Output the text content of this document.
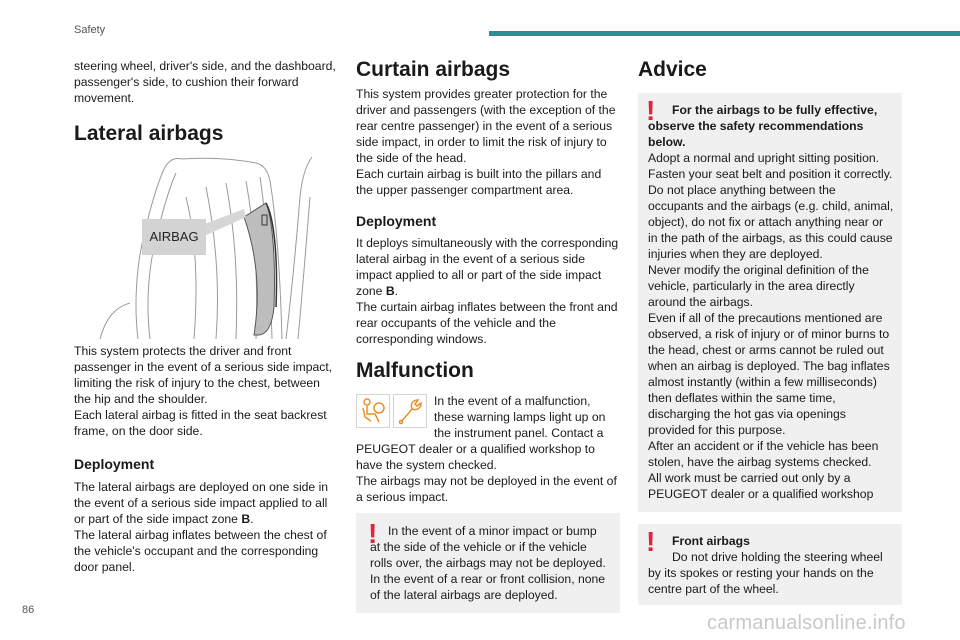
Safety

steering wheel, driver's side, and the dashboard, passenger's side, to cushion their forward movement.

Lateral airbags
AIRBAG

This system protects the driver and front passenger in the event of a serious side impact, limiting the risk of injury to the chest, between the hip and the shoulder.

Each lateral airbag is fitted in the seat backrest frame, on the door side.

Deployment

The lateral airbags are deployed on one side in the event of a serious side impact applied to all or part of the side impact zone B.

The lateral airbag inflates between the chest of the vehicle's occupant and the corresponding door panel.

Curtain airbags

This system provides greater protection for the driver and passengers (with the exception of the rear centre passenger) in the event of a serious side impact, in order to limit the risk of injury to the side of the head.

Each curtain airbag is built into the pillars and the upper passenger compartment area.

Deployment

It deploys simultaneously with the corresponding lateral airbag in the event of a serious side impact applied to all or part of the side impact zone B.

The curtain airbag inflates between the front and rear occupants of the vehicle and the corresponding windows.

Malfunction

In the event of a malfunction, these warning lamps light up on the instrument panel. Contact a PEUGEOT dealer or a qualified workshop to have the system checked.

The airbags may not be deployed in the event of a serious impact.

! In the event of a minor impact or bump at the side of the vehicle or if the vehicle rolls over, the airbags may not be deployed.

In the event of a rear or front collision, none of the lateral airbags are deployed.

Advice
!	For the airbags to be fully effective, observe the safety recommendations below.

Adopt a normal and upright sitting position.

Fasten your seat belt and position it correctly.

Do not place anything between the occupants and the airbags (e.g. child, animal, object), do not fix or attach anything near or in the path of the airbags, as this could cause injuries when they are deployed.

Never modify the original definition of the vehicle, particularly in the area directly around the airbags.

Even if all of the precautions mentioned are observed, a risk of injury or of minor burns to the head, chest or arms cannot be ruled out when an airbag is deployed. The bag inflates almost instantly (within a few milliseconds) then deflates within the same time, discharging the hot gas via openings provided for this purpose.

After an accident or if the vehicle has been stolen, have the airbag systems checked.

All work must be carried out only by a PEUGEOT dealer or a qualified workshop

!	Front airbags

Do not drive holding the steering wheel by its spokes or resting your hands on the centre part of the wheel.

86
carmanualsonline.info
